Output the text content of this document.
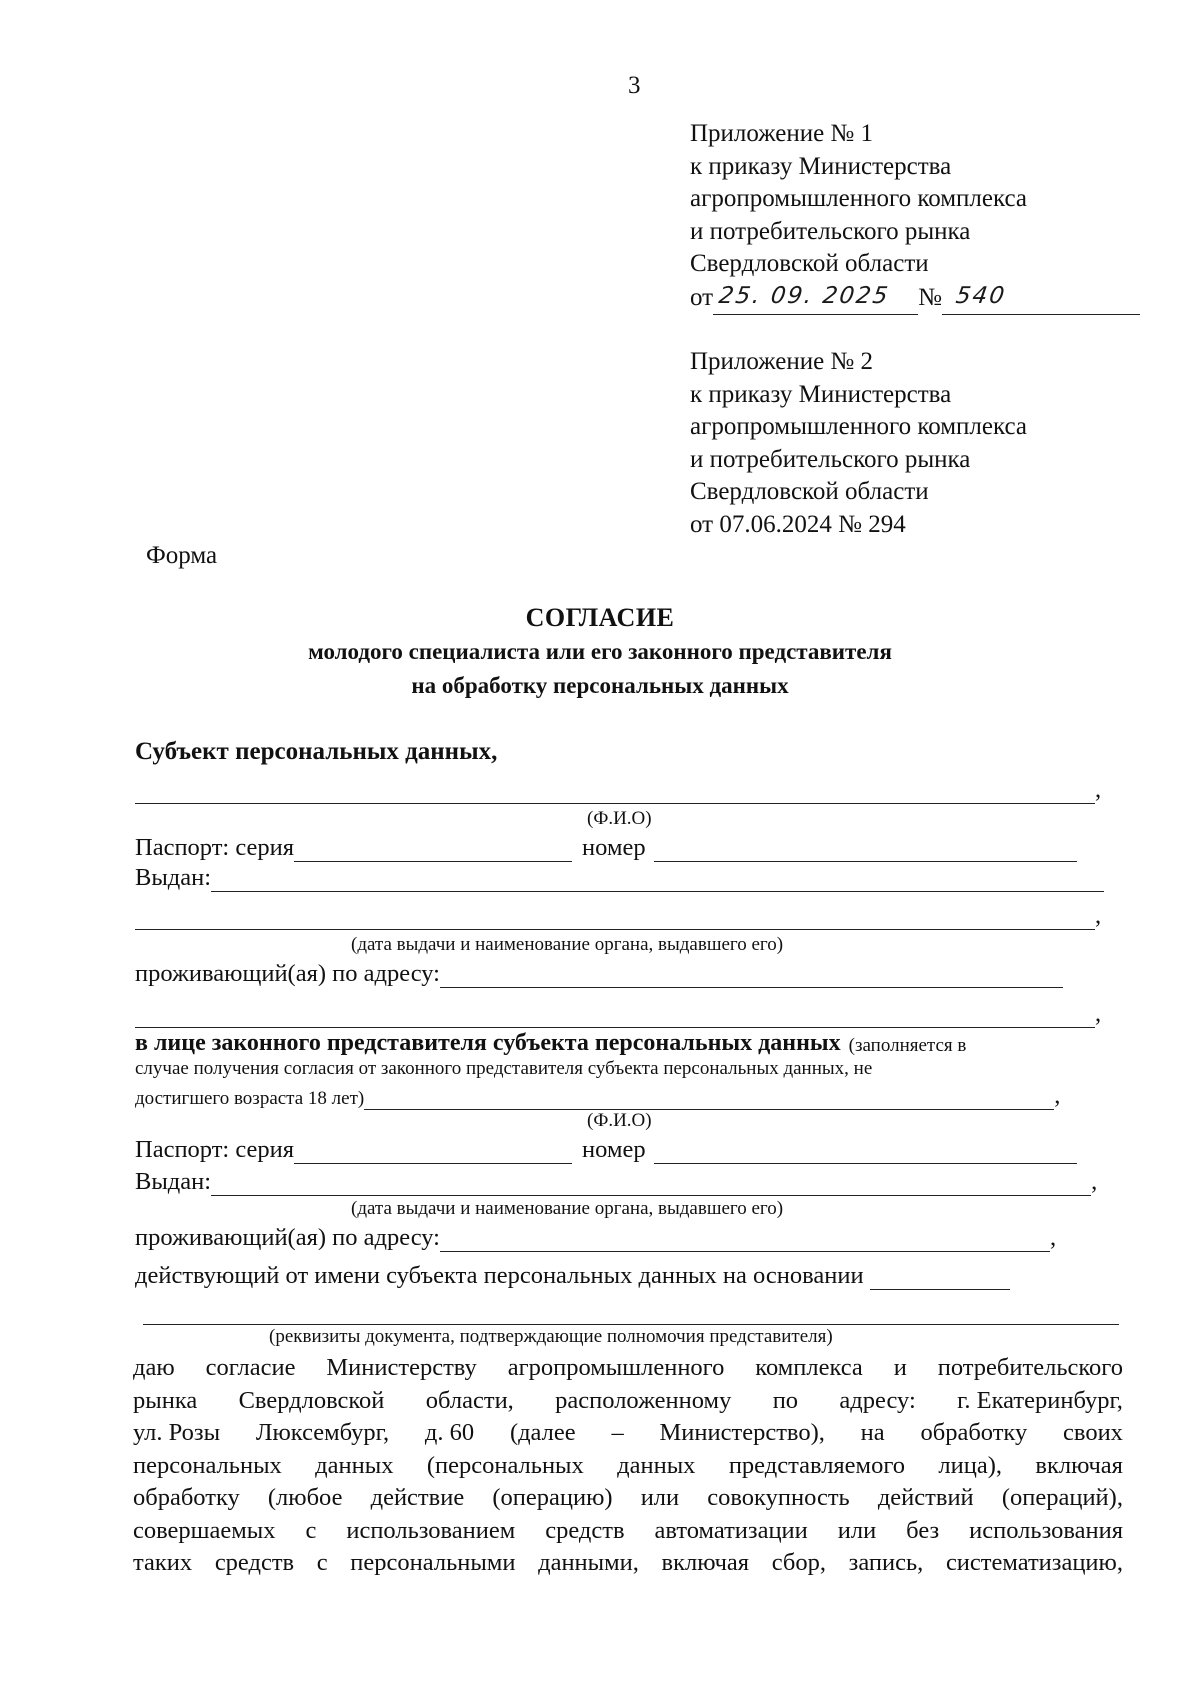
3
Приложение № 1
к приказу Министерства
агропромышленного комплекса
и потребительского рынка
Свердловской области
от 25. 09. 2025 № 540
Приложение № 2
к приказу Министерства
агропромышленного комплекса
и потребительского рынка
Свердловской области
от 07.06.2024 № 294
Форма
СОГЛАСИЕ
молодого специалиста или его законного представителя
на обработку персональных данных
Субъект персональных данных,
,
(Ф.И.О)
Паспорт: серия	номер
Выдан:
,
(дата выдачи и наименование органа, выдавшего его)
проживающий(ая) по адресу:
,
в лице законного представителя субъекта персональных данных (заполняется в
случае получения согласия от законного представителя субъекта персональных данных, не
достигшего возраста 18 лет)	,
(Ф.И.О)
Паспорт: серия	номер
Выдан:	,
(дата выдачи и наименование органа, выдавшего его)
проживающий(ая) по адресу:	,
действующий от имени субъекта персональных данных на основании
(реквизиты документа, подтверждающие полномочия представителя)
даю согласие Министерству агропромышленного комплекса и потребительского
рынка Свердловской области, расположенному по адресу: г. Екатеринбург,
ул. Розы Люксембург, д. 60 (далее – Министерство), на обработку своих
персональных данных (персональных данных представляемого лица), включая
обработку (любое действие (операцию) или совокупность действий (операций),
совершаемых с использованием средств автоматизации или без использования
таких средств с персональными данными, включая сбор, запись, систематизацию,
